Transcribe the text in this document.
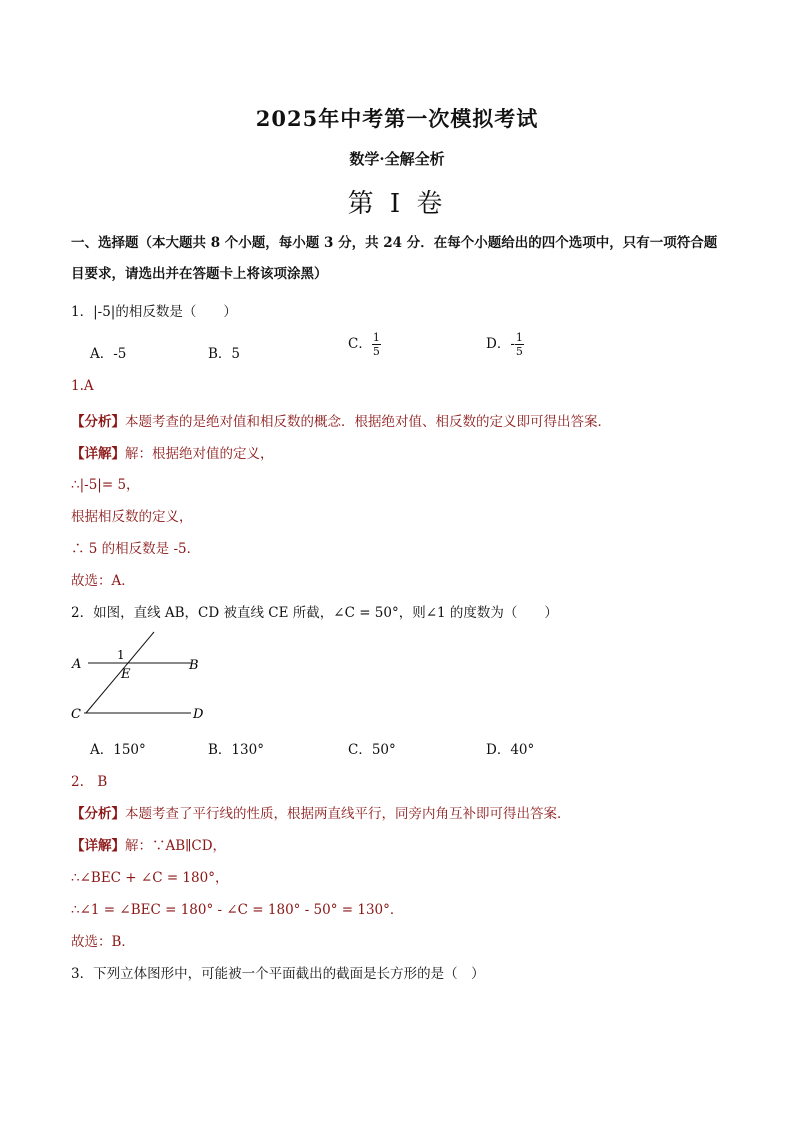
2025年中考第一次模拟考试
数学·全解全析
第 I 卷
一、选择题（本大题共 8 个小题，每小题 3 分，共 24 分．在每个小题给出的四个选项中，只有一项符合题
目要求，请选出并在答题卡上将该项涂黑）
1．|-5|的相反数是（　　）
A．-5	B．5
C． $\frac{1}{5}$	D．- $\frac{1}{5}$
1.A
【分析】本题考查的是绝对值和相反数的概念．根据绝对值、相反数的定义即可得出答案．
【详解】解：根据绝对值的定义，
∴|-5|= 5，
根据相反数的定义，
∴ 5 的相反数是 -5．
故选：A．
2．如图，直线 AB，CD 被直线 CE 所截，∠C = 50°，则∠1 的度数为（　　）
A	B
C	D
E
1
A．150°	B．130°	C．50°	D．40°
2.　B
【分析】本题考查了平行线的性质，根据两直线平行，同旁内角互补即可得出答案．
【详解】解：∵AB∥CD，
∴∠BEC + ∠C = 180°，
∴∠1 = ∠BEC = 180° - ∠C = 180° - 50° = 130°．
故选：B．
3．下列立体图形中，可能被一个平面截出的截面是长方形的是（　）
